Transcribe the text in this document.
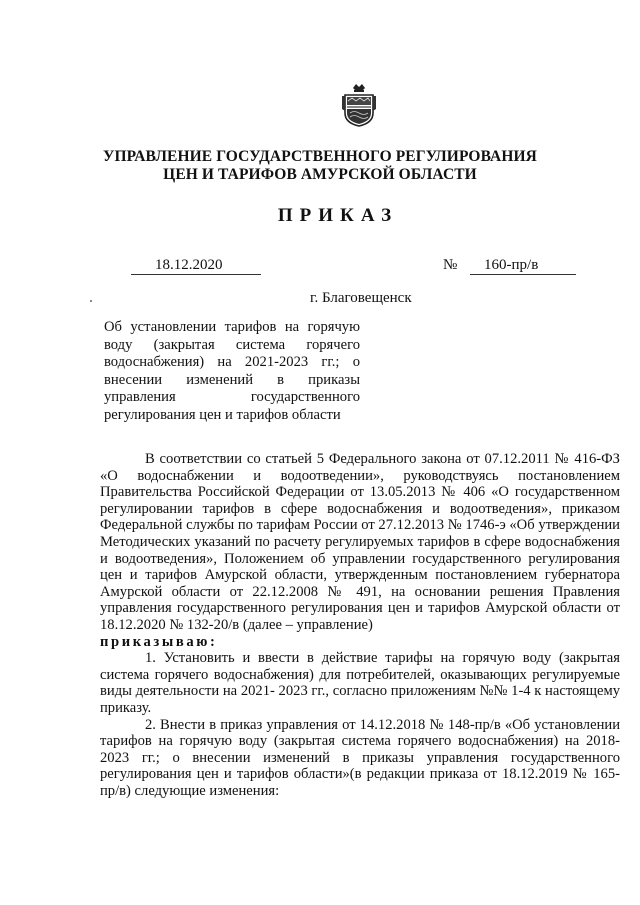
УПРАВЛЕНИЕ ГОСУДАРСТВЕННОГО РЕГУЛИРОВАНИЯ
ЦЕН И ТАРИФОВ АМУРСКОЙ ОБЛАСТИ
ПРИКАЗ
18.12.2020	№	160-пр/в
г. Благовещенск
Об установлении тарифов на горячую воду (закрытая система горячего водоснабжения) на 2021-2023 гг.; о внесении изменений в приказы управления государственного регулирования цен и тарифов области

В соответствии со статьей 5 Федерального закона от 07.12.2011 № 416-ФЗ «О водоснабжении и водоотведении», руководствуясь постановлением Правительства Российской Федерации от 13.05.2013 № 406 «О государственном регулировании тарифов в сфере водоснабжения и водоотведения», приказом Федеральной службы по тарифам России от 27.12.2013 № 1746-э «Об утверждении Методических указаний по расчету регулируемых тарифов в сфере водоснабжения и водоотведения», Положением об управлении государственного регулирования цен и тарифов Амурской области, утвержденным постановлением губернатора Амурской области от 22.12.2008 № 491, на основании решения Правления управления государственного регулирования цен и тарифов Амурской области от 18.12.2020 № 132-20/в (далее – управление)

приказываю:

1. Установить и ввести в действие тарифы на горячую воду (закрытая система горячего водоснабжения) для потребителей, оказывающих регулируемые виды деятельности на 2021- 2023 гг., согласно приложениям №№ 1-4 к настоящему приказу.

2. Внести в приказ управления от 14.12.2018 № 148-пр/в «Об установлении тарифов на горячую воду (закрытая система горячего водоснабжения) на 2018-2023 гг.; о внесении изменений в приказы управления государственного регулирования цен и тарифов области»(в редакции приказа от 18.12.2019 № 165-пр/в) следующие изменения:
